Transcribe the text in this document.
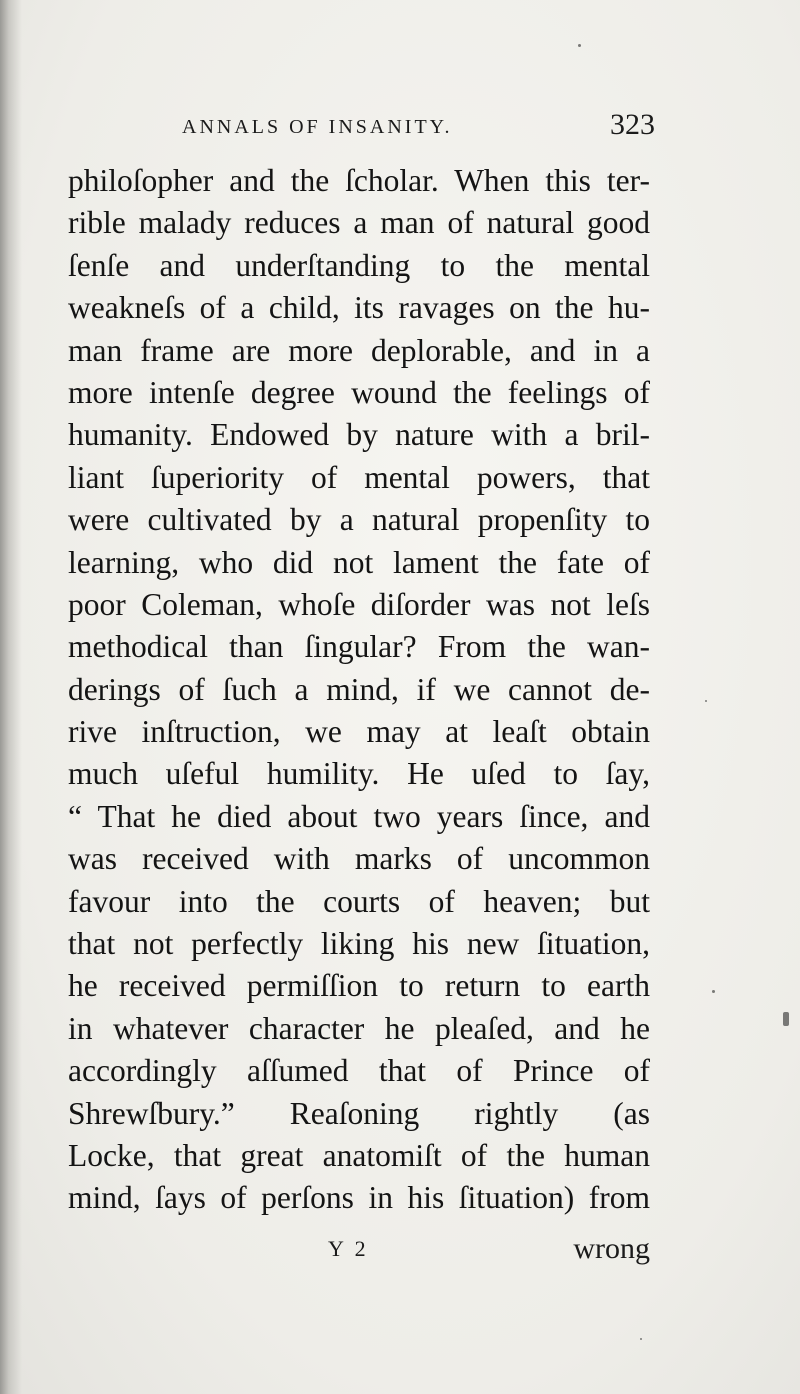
ANNALS OF INSANITY.	323
philoſopher and the ſcholar. When this ter-
rible malady reduces a man of natural good
ſenſe and underſtanding to the mental
weakneſs of a child, its ravages on the hu-
man frame are more deplorable, and in a
more intenſe degree wound the feelings of
humanity. Endowed by nature with a bril-
liant ſuperiority of mental powers, that
were cultivated by a natural propenſity to
learning, who did not lament the fate of
poor Coleman, whoſe diſorder was not leſs
methodical than ſingular? From the wan-
derings of ſuch a mind, if we cannot de-
rive inſtruction, we may at leaſt obtain
much uſeful humility. He uſed to ſay,
“ That he died about two years ſince, and
was received with marks of uncommon
favour into the courts of heaven; but
that not perfectly liking his new ſituation,
he received permiſſion to return to earth
in whatever character he pleaſed, and he
accordingly aſſumed that of Prince of
Shrewſbury.” Reaſoning rightly (as
Locke, that great anatomiſt of the human
mind, ſays of perſons in his ſituation) from
Y 2	wrong
